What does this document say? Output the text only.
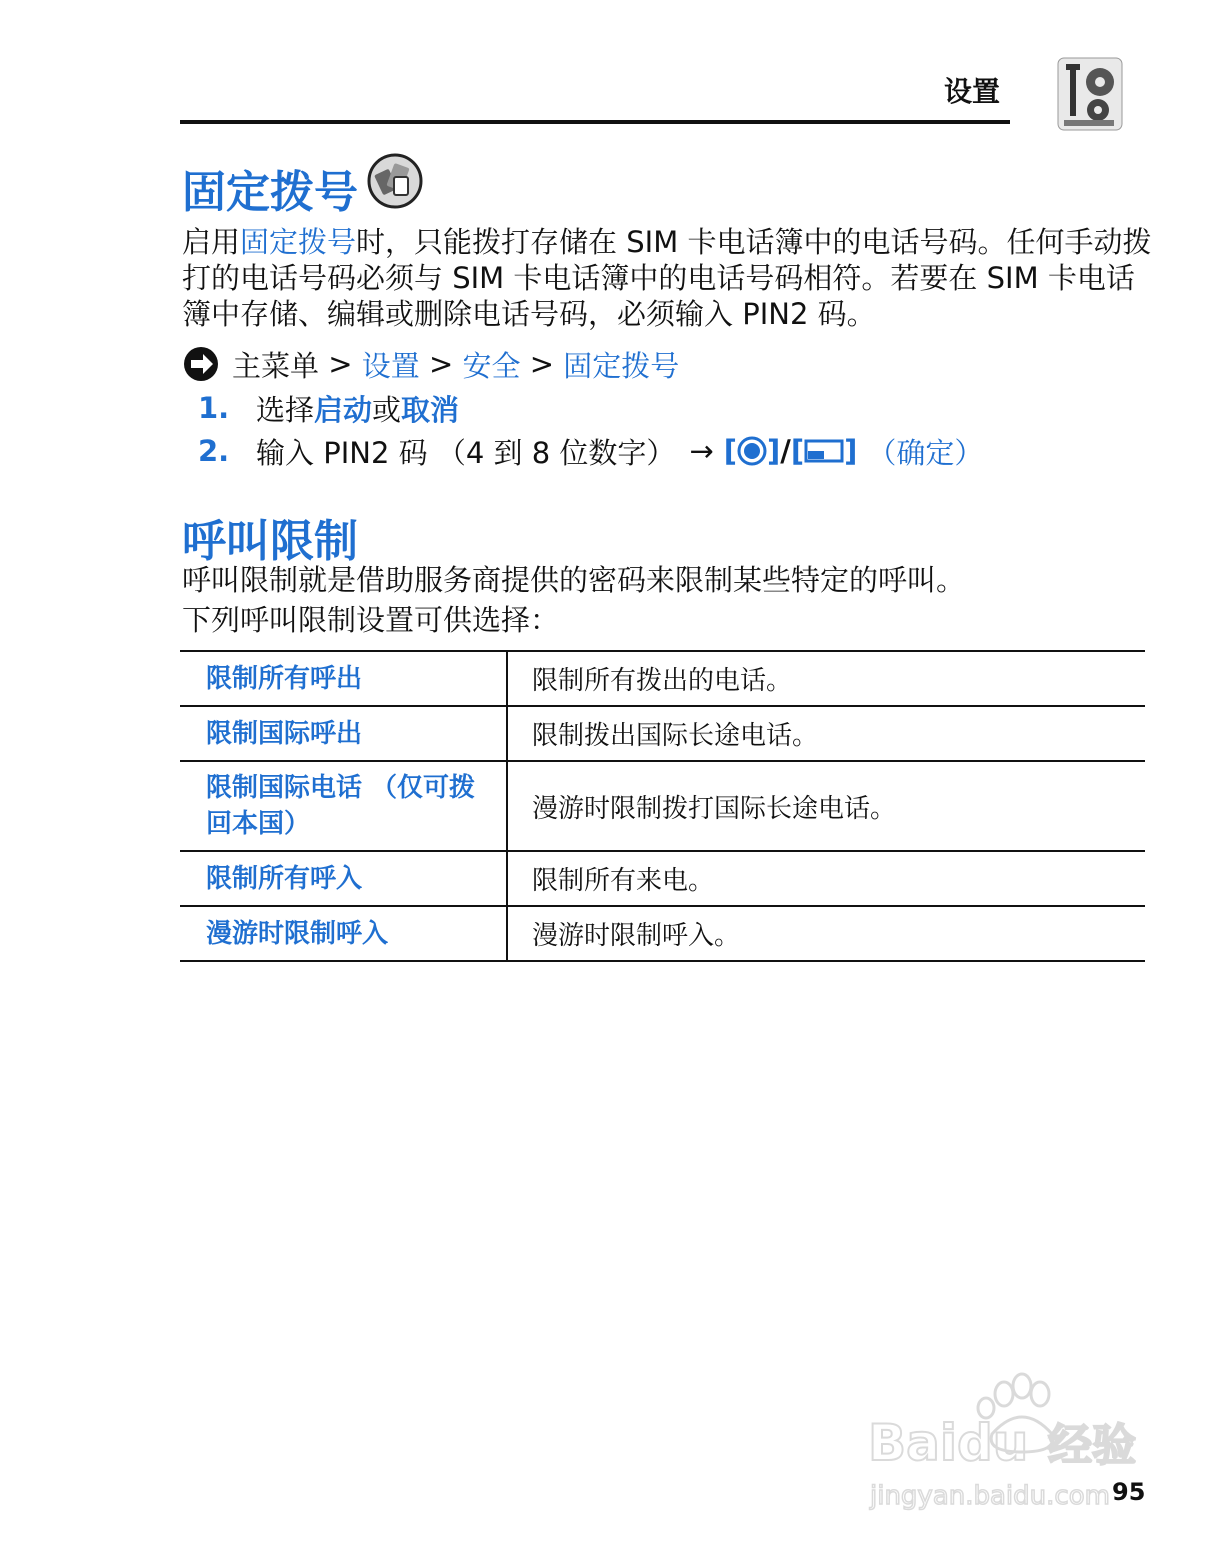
设置
固定拨号
启用固定拨号时，只能拨打存储在 SIM 卡电话簿中的电话号码。任何手动拨打的电话号码必须与 SIM 卡电话簿中的电话号码相符。若要在 SIM 卡电话簿中存储、编辑或删除电话号码，必须输入 PIN2 码。
主菜单 > 设置 > 安全 > 固定拨号
1. 选择 启动 或 取消
2. 输入 PIN2 码 （4 到 8 位数字） → [ ] / [ ] （确定）
呼叫限制
呼叫限制就是借助服务商提供的密码来限制某些特定的呼叫。
下列呼叫限制设置可供选择：
限制所有呼出	限制所有拨出的电话。
限制国际呼出	限制拨出国际长途电话。
限制国际电话 （仅可拨回本国）	漫游时限制拨打国际长途电话。
限制所有呼入	限制所有来电。
漫游时限制呼入	漫游时限制呼入。
Baidu 经验
jingyan.baidu.com 95
